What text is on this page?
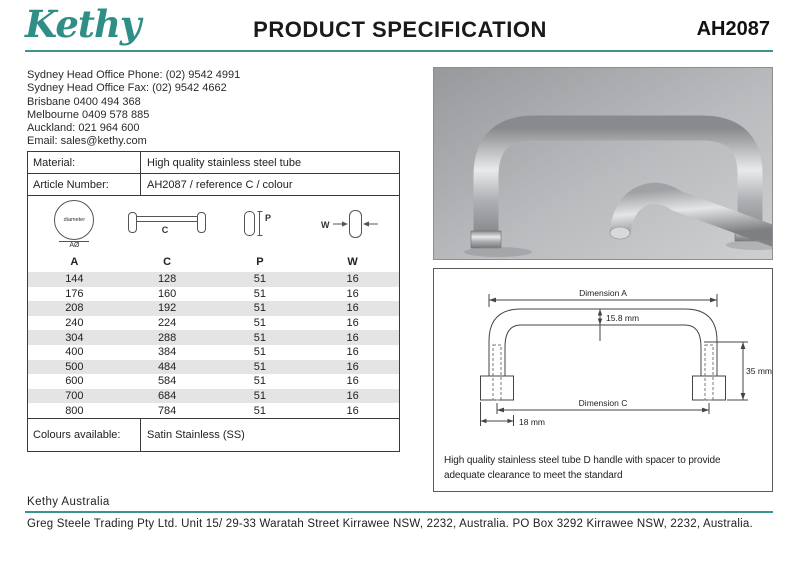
Kethy	PRODUCT SPECIFICATION	AH2087
Sydney Head Office Phone: (02) 9542 4991
Sydney Head Office Fax: (02) 9542 4662
Brisbane 0400 494 368
Melbourne 0409 578 885
Auckland: 021 964 600
Email: sales@kethy.com
Material:	High quality stainless steel tube
Article Number:	AH2087 / reference C / colour
diameter
AØ
C
P
W
A	C	P	W
144	128	51	16
176	160	51	16
208	192	51	16
240	224	51	16
304	288	51	16
400	384	51	16
500	484	51	16
600	584	51	16
700	684	51	16
800	784	51	16
Colours available:	Satin Stainless (SS)
Dimension A
15.8 mm
35 mm
Dimension C
18 mm
High quality stainless steel tube D handle with spacer to provide adequate clearance to meet the standard
Kethy Australia
Greg Steele Trading Pty Ltd. Unit 15/ 29-33 Waratah Street Kirrawee NSW, 2232, Australia. PO Box 3292 Kirrawee NSW, 2232, Australia.
